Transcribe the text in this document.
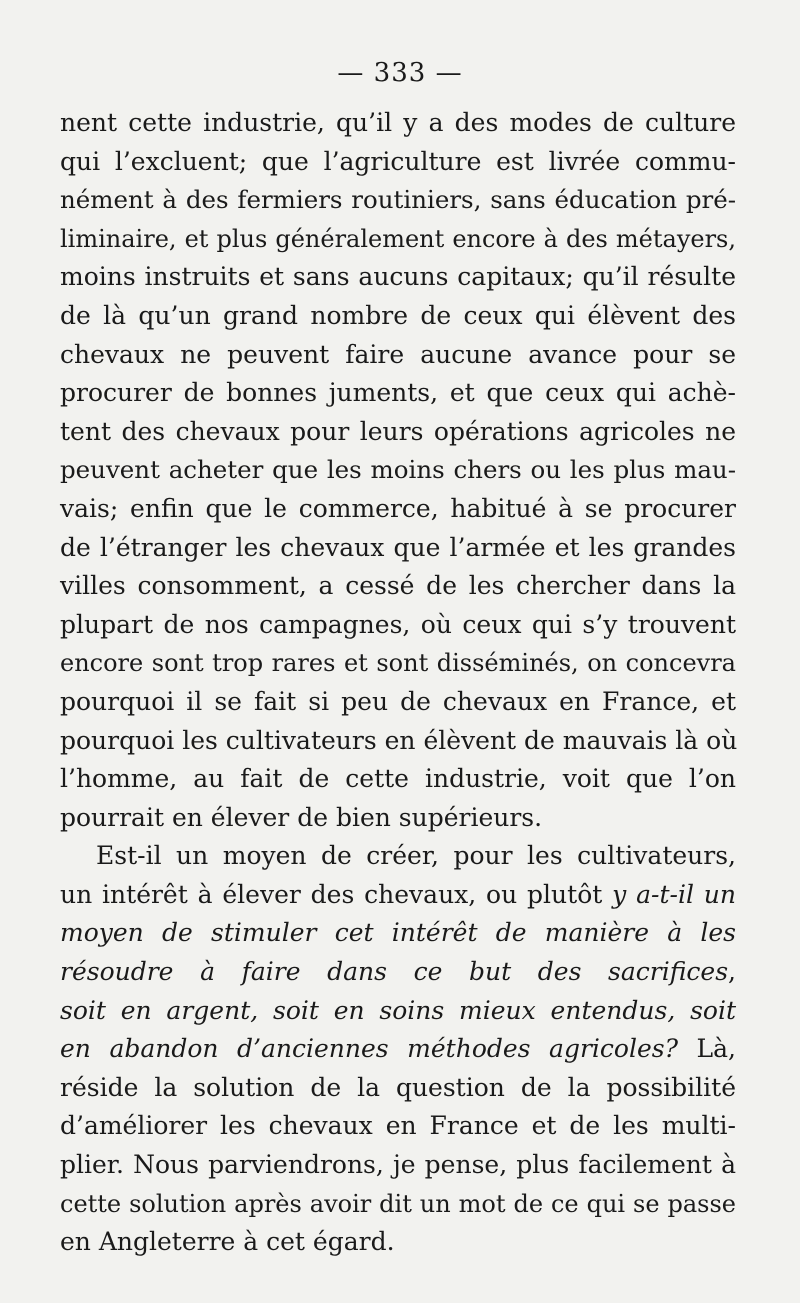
— 333 —
nent cette industrie, qu’il y a des modes de culture
qui l’excluent; que l’agriculture est livrée commu-
nément à des fermiers routiniers, sans éducation pré-
liminaire, et plus généralement encore à des métayers,
moins instruits et sans aucuns capitaux; qu’il résulte
de là qu’un grand nombre de ceux qui élèvent des
chevaux ne peuvent faire aucune avance pour se
procurer de bonnes juments, et que ceux qui achè-
tent des chevaux pour leurs opérations agricoles ne
peuvent acheter que les moins chers ou les plus mau-
vais; enfin que le commerce, habitué à se procurer
de l’étranger les chevaux que l’armée et les grandes
villes consomment, a cessé de les chercher dans la
plupart de nos campagnes, où ceux qui s’y trouvent
encore sont trop rares et sont disséminés, on concevra
pourquoi il se fait si peu de chevaux en France, et
pourquoi les cultivateurs en élèvent de mauvais là où
l’homme, au fait de cette industrie, voit que l’on
pourrait en élever de bien supérieurs.
Est-il un moyen de créer, pour les cultivateurs,
un intérêt à élever des chevaux, ou plutôt y a-t-il un
moyen de stimuler cet intérêt de manière à les
résoudre à faire dans ce but des sacrifices,
soit en argent, soit en soins mieux entendus, soit
en abandon d’anciennes méthodes agricoles? Là,
réside la solution de la question de la possibilité
d’améliorer les chevaux en France et de les multi-
plier. Nous parviendrons, je pense, plus facilement à
cette solution après avoir dit un mot de ce qui se passe
en Angleterre à cet égard.
